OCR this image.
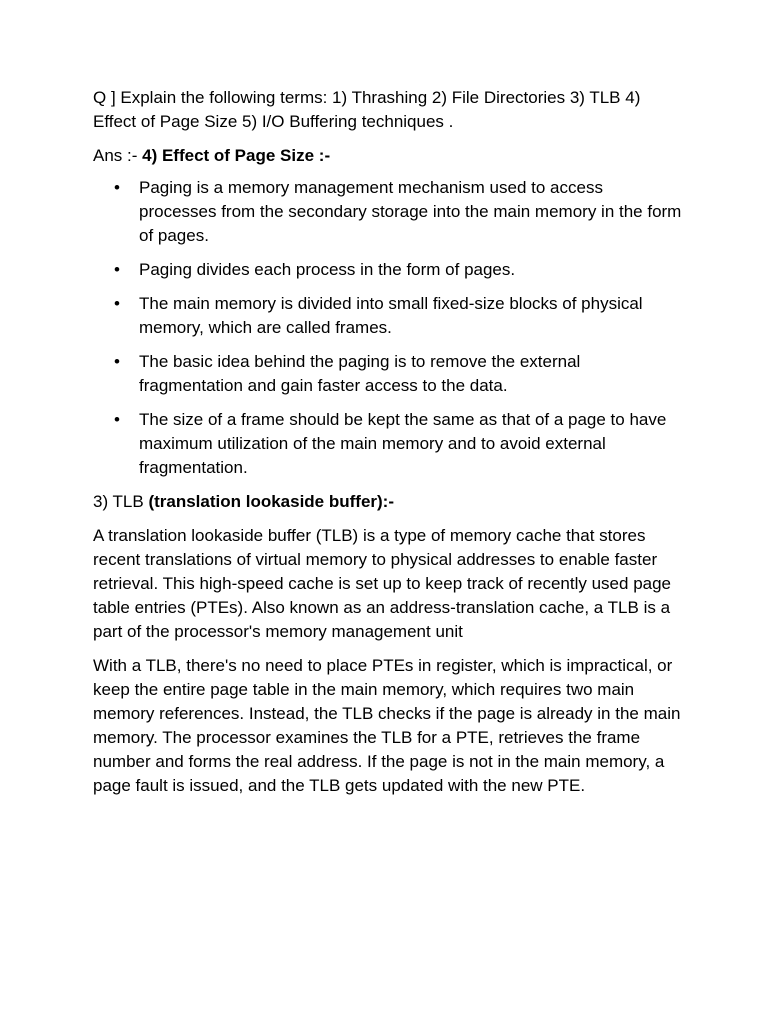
Q ] Explain the following terms: 1) Thrashing 2) File Directories 3) TLB 4) Effect of Page Size 5) I/O Buffering techniques .

Ans :- 4) Effect of Page Size :-

• Paging is a memory management mechanism used to access processes from the secondary storage into the main memory in the form of pages.
• Paging divides each process in the form of pages.
• The main memory is divided into small fixed-size blocks of physical memory, which are called frames.
• The basic idea behind the paging is to remove the external fragmentation and gain faster access to the data.
• The size of a frame should be kept the same as that of a page to have maximum utilization of the main memory and to avoid external fragmentation.

3) TLB (translation lookaside buffer):-

A translation lookaside buffer (TLB) is a type of memory cache that stores recent translations of virtual memory to physical addresses to enable faster retrieval. This high-speed cache is set up to keep track of recently used page table entries (PTEs). Also known as an address-translation cache, a TLB is a part of the processor's memory management unit

With a TLB, there's no need to place PTEs in register, which is impractical, or keep the entire page table in the main memory, which requires two main memory references. Instead, the TLB checks if the page is already in the main memory. The processor examines the TLB for a PTE, retrieves the frame number and forms the real address. If the page is not in the main memory, a page fault is issued, and the TLB gets updated with the new PTE.
